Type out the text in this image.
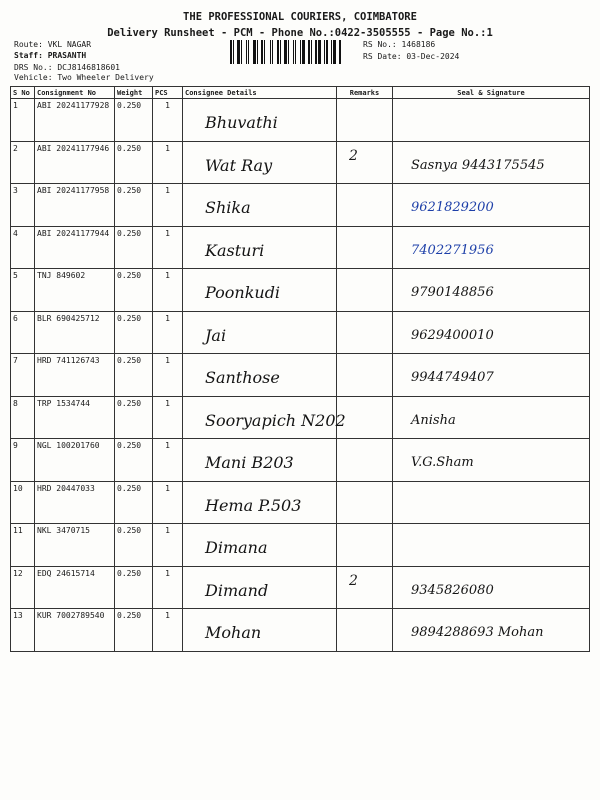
THE PROFESSIONAL COURIERS, COIMBATORE
Delivery Runsheet - PCM - Phone No.:0422-3505555 - Page No.:1
Route: VKL NAGAR
Staff: PRASANTH
DRS No.: DCJ8146818601
Vehicle: Two Wheeler Delivery
RS No.: 1468186
RS Date: 03-Dec-2024
S No	Consignment No	Weight	PCS	Consignee Details	Remarks	Seal & Signature
1	ABI 20241177928	0.250	1	Bhuvathi		

2	ABI 20241177946	0.250	1	Wat Ray	2	Sasnya 9443175545

3	ABI 20241177958	0.250	1	Shika		9621829200

4	ABI 20241177944	0.250	1	Kasturi		7402271956

5	TNJ 849602	0.250	1	Poonkudi		9790148856

6	BLR 690425712	0.250	1	Jai		9629400010

7	HRD 741126743	0.250	1	Santhose		9944749407

8	TRP 1534744	0.250	1	Sooryapich N202		Anisha

9	NGL 100201760	0.250	1	Mani B203		V.G.Sham

10	HRD 20447033	0.250	1	Hema P.503		

11	NKL 3470715	0.250	1	Dimana		

12	EDQ 24615714	0.250	1	Dimand	2	9345826080

13	KUR 7002789540	0.250	1	Mohan		9894288693 Mohan
